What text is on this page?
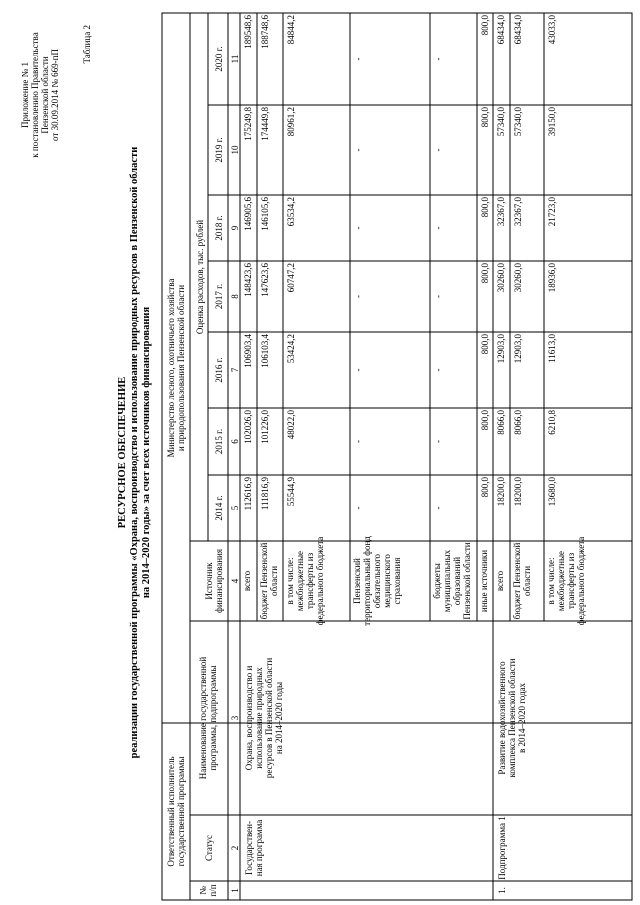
Приложение № 1 к постановлению Правительства Пензенской области от 30.09.2014 № 669-пП
Таблица 2
РЕСУРСНОЕ ОБЕСПЕЧЕНИЕ реализации государственной программы «Охрана, воспроизводство и использование природных ресурсов в Пензенской области на 2014–2020 годы» за счет всех источников финансирования
Ответственный исполнитель государственной программы
Министерство лесного, охотничьего хозяйства и природопользования Пензенской области
№ п/п
Статус
Наименование государственной программы, подпрограммы
Источник финансирования
Оценка расходов, тыс. рублей
2014 г.
2015 г.
2016 г.
2017 г.
2018 г.
2019 г.
2020 г.
1
2
3
4
5
6
7
8
9
10
11
Государствен- ная программа
Охрана, воспроизводство и использование природных ресурсов в Пензенской области на 2014–2020 годы
1.
Подпрограмма 1
Развитие водохозяйственного комплекса Пензенской области в 2014–2020 годах
всего
112616,9
102026,0
106903,4
148423,6
146905,6
175249,8
189548,6
бюджет Пензенской области
111816,9
101226,0
106103,4
147623,6
146105,6
174449,8
188748,6
в том числе: межбюджетные трансферты из федерального бюджета
55544,9
48022,0
53424,2
60747,2
63534,2
80961,2
84844,2
Пензенский территориальный фонд обязательного медицинского страхования
-
-
-
-
-
-
-
бюджеты муниципальных образований Пензенской области
-
-
-
-
-
-
-
иные источники
800,0
800,0
800,0
800,0
800,0
800,0
800,0
всего
18200,0
8066,0
12903,0
30260,0
32367,0
57340,0
68434,0
бюджет Пензенской области
18200,0
8066,0
12903,0
30260,0
32367,0
57340,0
68434,0
в том числе: межбюджетные трансферты из федерального бюджета
13680,0
6210,8
11613,0
18936,0
21723,0
39150,0
43033,0
